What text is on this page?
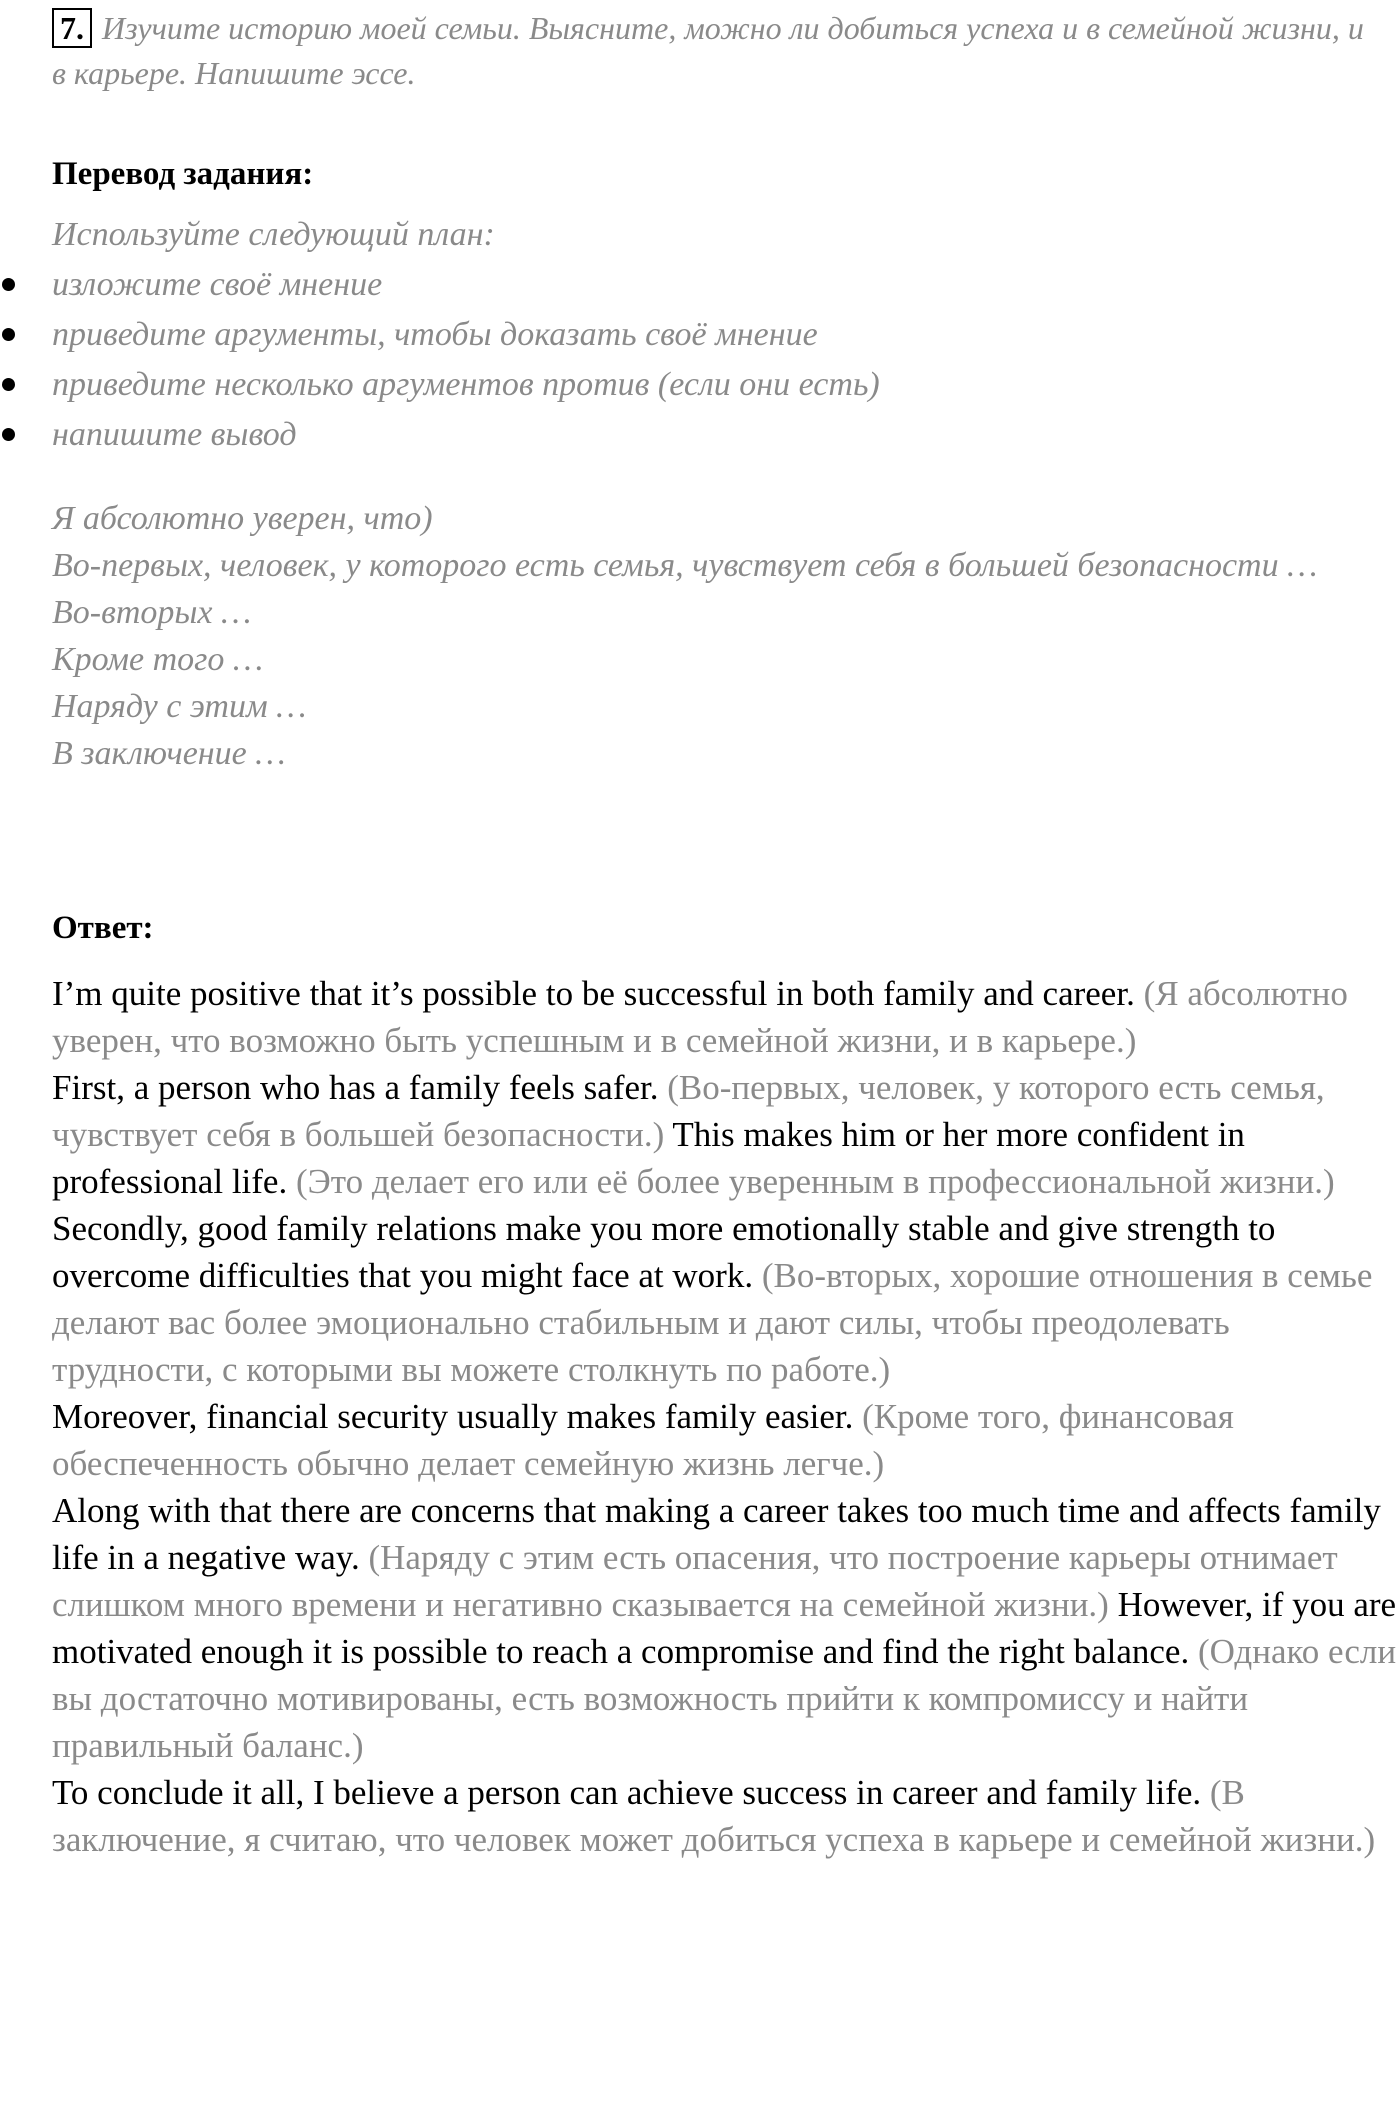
7. Изучите историю моей семьи. Выясните, можно ли добиться успеха и в семейной жизни, и в карьере. Напишите эссе.
Перевод задания:

Используйте следующий план:

изложите своё мнение
приведите аргументы, чтобы доказать своё мнение
приведите несколько аргументов против (если они есть)
напишите вывод
Я абсолютно уверен, что)
Во-первых, человек, у которого есть семья, чувствует себя в большей безопасности …
Во-вторых …
Кроме того …
Наряду с этим …
В заключение …
Ответ:

I’m quite positive that it’s possible to be successful in both family and career. (Я абсолютно уверен, что возможно быть успешным и в семейной жизни, и в карьере.)

First, a person who has a family feels safer. (Во-первых, человек, у которого есть семья, чувствует себя в большей безопасности.) This makes him or her more confident in professional life. (Это делает его или её более уверенным в профессиональной жизни.)

Secondly, good family relations make you more emotionally stable and give strength to overcome difficulties that you might face at work. (Во-вторых, хорошие отношения в семье делают вас более эмоционально стабильным и дают силы, чтобы преодолевать трудности, с которыми вы можете столкнуть по работе.)

Moreover, financial security usually makes family easier. (Кроме того, финансовая обеспеченность обычно делает семейную жизнь легче.)

Along with that there are concerns that making a career takes too much time and affects family life in a negative way. (Наряду с этим есть опасения, что построение карьеры отнимает слишком много времени и негативно сказывается на семейной жизни.) However, if you are motivated enough it is possible to reach a compromise and find the right balance. (Однако если вы достаточно мотивированы, есть возможность прийти к компромиссу и найти правильный баланс.)

To conclude it all, I believe a person can achieve success in career and family life. (В заключение, я считаю, что человек может добиться успеха в карьере и семейной жизни.)
